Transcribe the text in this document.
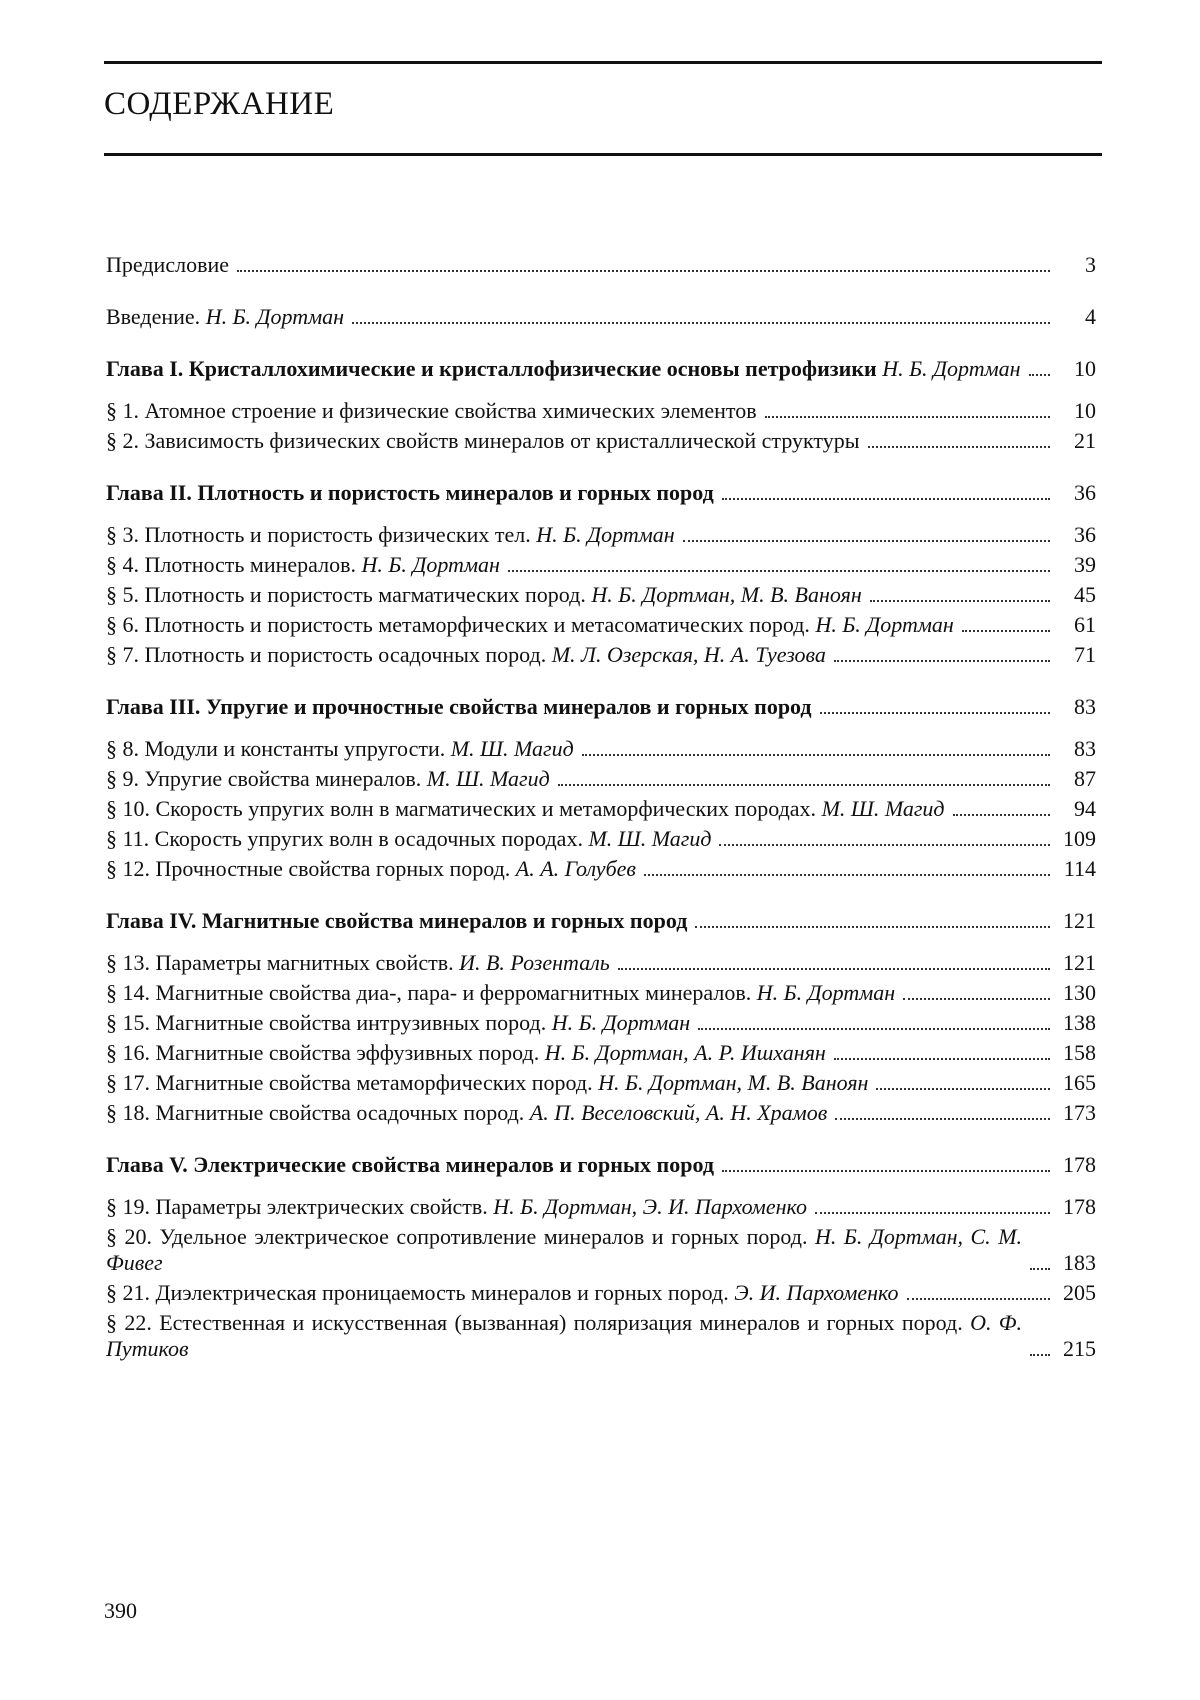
СОДЕРЖАНИЕ
Предисловие	3
Введение. Н. Б. Дортман	4
Глава I. Кристаллохимические и кристаллофизические основы петрофизики Н. Б. Дортман	10
§ 1. Атомное строение и физические свойства химических элементов	10
§ 2. Зависимость физических свойств минералов от кристаллической структуры	21
Глава II. Плотность и пористость минералов и горных пород	36
§ 3. Плотность и пористость физических тел. Н. Б. Дортман	36
§ 4. Плотность минералов. Н. Б. Дортман	39
§ 5. Плотность и пористость магматических пород. Н. Б. Дортман, М. В. Ваноян	45
§ 6. Плотность и пористость метаморфических и метасоматических пород. Н. Б. Дортман	61
§ 7. Плотность и пористость осадочных пород. М. Л. Озерская, Н. А. Туезова	71
Глава III. Упругие и прочностные свойства минералов и горных пород	83
§ 8. Модули и константы упругости. М. Ш. Магид	83
§ 9. Упругие свойства минералов. М. Ш. Магид	87
§ 10. Скорость упругих волн в магматических и метаморфических породах. М. Ш. Магид	94
§ 11. Скорость упругих волн в осадочных породах. М. Ш. Магид	109
§ 12. Прочностные свойства горных пород. А. А. Голубев	114
Глава IV. Магнитные свойства минералов и горных пород	121
§ 13. Параметры магнитных свойств. И. В. Розенталь	121
§ 14. Магнитные свойства диа-, пара- и ферромагнитных минералов. Н. Б. Дортман	130
§ 15. Магнитные свойства интрузивных пород. Н. Б. Дортман	138
§ 16. Магнитные свойства эффузивных пород. Н. Б. Дортман, А. Р. Ишханян	158
§ 17. Магнитные свойства метаморфических пород. Н. Б. Дортман, М. В. Ваноян	165
§ 18. Магнитные свойства осадочных пород. А. П. Веселовский, А. Н. Храмов	173
Глава V. Электрические свойства минералов и горных пород	178
§ 19. Параметры электрических свойств. Н. Б. Дортман, Э. И. Пархоменко	178
§ 20. Удельное электрическое сопротивление минералов и горных пород. Н. Б. Дортман, С. М. Фивег	183
§ 21. Диэлектрическая проницаемость минералов и горных пород. Э. И. Пархоменко	205
§ 22. Естественная и искусственная (вызванная) поляризация минералов и горных пород. О. Ф. Путиков	215
390
